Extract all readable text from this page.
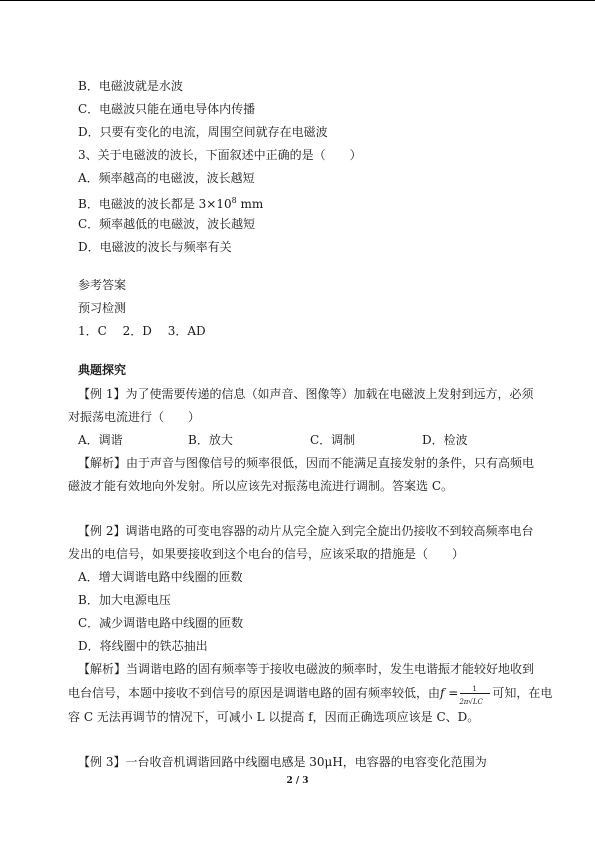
B．电磁波就是水波
C．电磁波只能在通电导体内传播
D．只要有变化的电流，周围空间就存在电磁波
3、关于电磁波的波长，下面叙述中正确的是（　　）
A．频率越高的电磁波，波长越短
B．电磁波的波长都是 $3\times 10^8$ mm
C．频率越低的电磁波，波长越短
D．电磁波的波长与频率有关
参考答案
预习检测
1．C　 2．D　 3．AD
典题探究
【例 1】为了使需要传递的信息（如声音、图像等）加载在电磁波上发射到远方，必须
对振荡电流进行（　　）
A．调谐	B．放大	C．调制	D．检波
【解析】由于声音与图像信号的频率很低，因而不能满足直接发射的条件，只有高频电
磁波才能有效地向外发射。所以应该先对振荡电流进行调制。答案选 C。
【例 2】调谐电路的可变电容器的动片从完全旋入到完全旋出仍接收不到较高频率电台
发出的电信号，如果要接收到这个电台的信号，应该采取的措施是（　　）
A．增大调谐电路中线圈的匝数
B．加大电源电压
C．减少调谐电路中线圈的匝数
D．将线圈中的铁芯抽出
【解析】当调谐电路的固有频率等于接收电磁波的频率时，发生电谐振才能较好地收到
电台信号，本题中接收不到信号的原因是调谐电路的固有频率较低，由$f = \frac{1}{2\pi√LC}$ 可知，在电
容 C 无法再调节的情况下，可减小 L 以提高 f，因而正确选项应该是 C、D。
【例 3】一台收音机调谐回路中线圈电感是 30μH，电容器的电容变化范围为
2 / 3
